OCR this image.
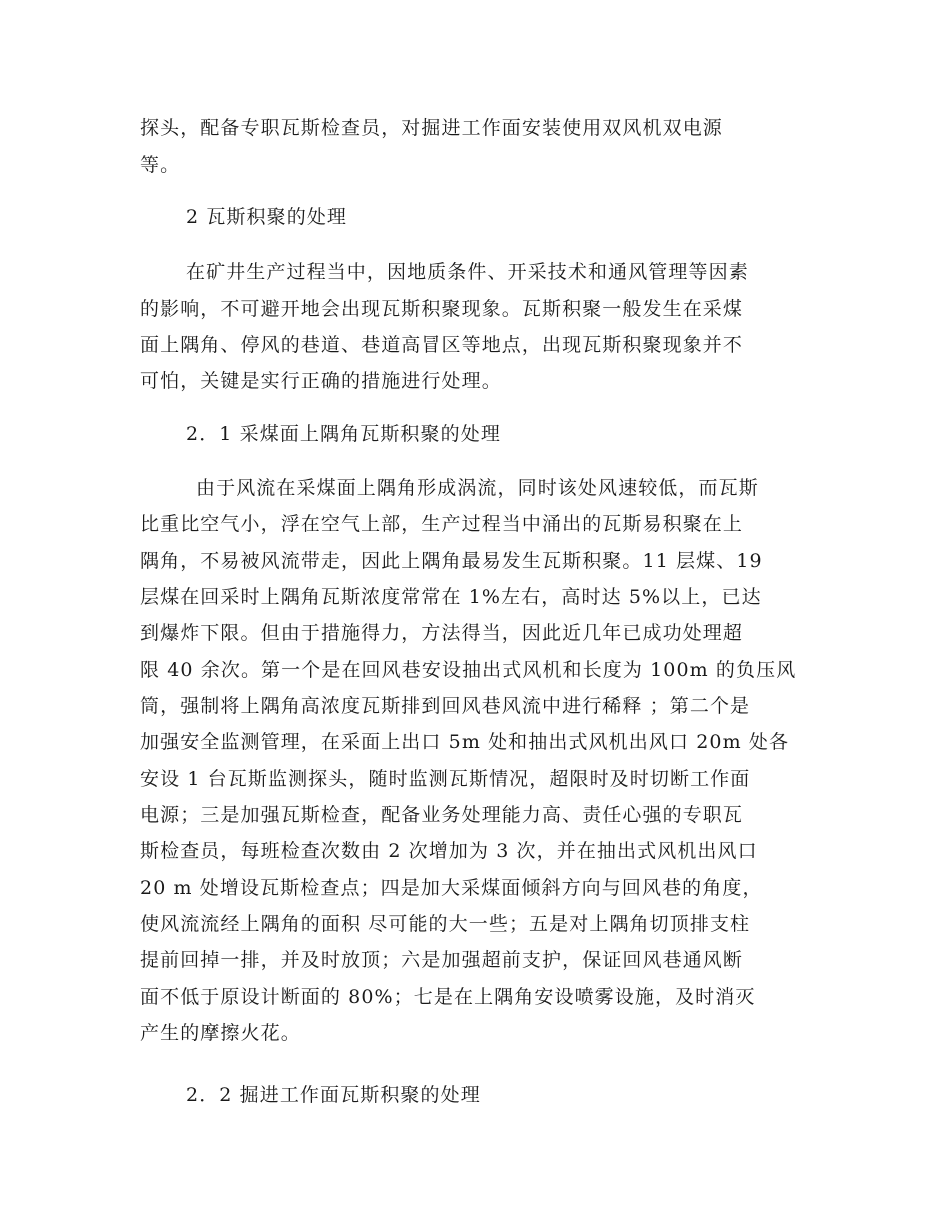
探头，配备专职瓦斯检查员，对掘进工作面安装使用双风机双电源
等。
2 瓦斯积聚的处理
在矿井生产过程当中，因地质条件、开采技术和通风管理等因素
的影响，不可避开地会出现瓦斯积聚现象。瓦斯积聚一般发生在采煤
面上隅角、停风的巷道、巷道高冒区等地点，出现瓦斯积聚现象并不
可怕，关键是实行正确的措施进行处理。
2．1 采煤面上隅角瓦斯积聚的处理
由于风流在采煤面上隅角形成涡流，同时该处风速较低，而瓦斯
比重比空气小，浮在空气上部，生产过程当中涌出的瓦斯易积聚在上
隅角，不易被风流带走，因此上隅角最易发生瓦斯积聚。11 层煤、19
层煤在回采时上隅角瓦斯浓度常常在 1%左右，高时达 5%以上，已达
到爆炸下限。但由于措施得力，方法得当，因此近几年已成功处理超
限 40 余次。第一个是在回风巷安设抽出式风机和长度为 100m 的负压风
筒，强制将上隅角高浓度瓦斯排到回风巷风流中进行稀释 ；第二个是
加强安全监测管理，在采面上出口 5m 处和抽出式风机出风口 20m 处各
安设 1 台瓦斯监测探头，随时监测瓦斯情况，超限时及时切断工作面
电源；三是加强瓦斯检查，配备业务处理能力高、责任心强的专职瓦
斯检查员，每班检查次数由 2 次增加为 3 次，并在抽出式风机出风口
20 m 处增设瓦斯检查点；四是加大采煤面倾斜方向与回风巷的角度，
使风流流经上隅角的面积 尽可能的大一些；五是对上隅角切顶排支柱
提前回掉一排，并及时放顶；六是加强超前支护，保证回风巷通风断
面不低于原设计断面的 80%；七是在上隅角安设喷雾设施，及时消灭
产生的摩擦火花。
2．2 掘进工作面瓦斯积聚的处理
